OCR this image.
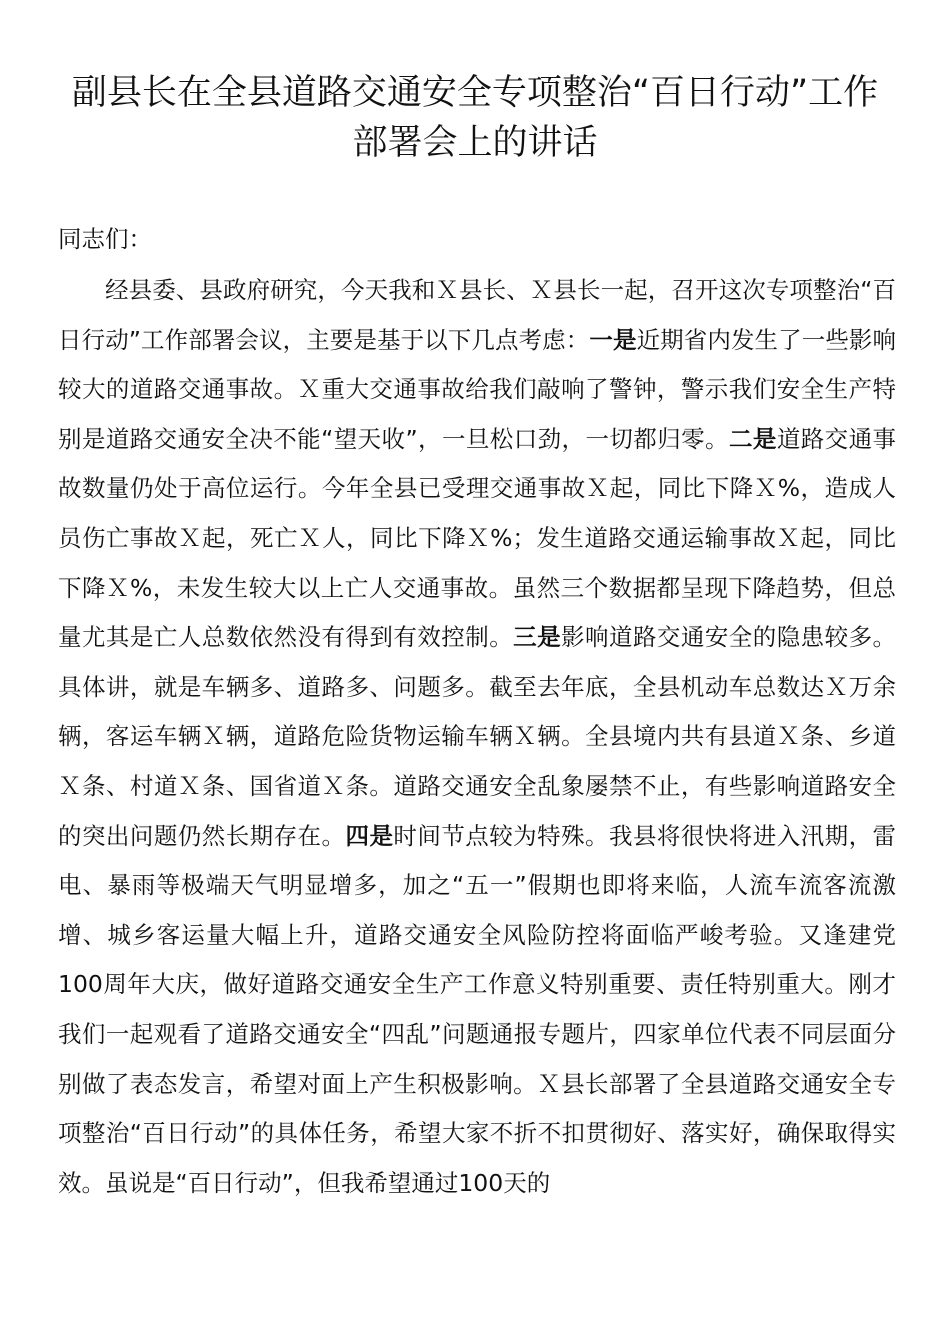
副县长在全县道路交通安全专项整治“百日行动”工作部署会上的讲话
同志们：

经县委、县政府研究，今天我和Ｘ县长、Ｘ县长一起，召开这次专项整治“百日行动”工作部署会议，主要是基于以下几点考虑：一是近期省内发生了一些影响较大的道路交通事故。Ｘ重大交通事故给我们敲响了警钟，警示我们安全生产特别是道路交通安全决不能“望天收”，一旦松口劲，一切都归零。二是道路交通事故数量仍处于高位运行。今年全县已受理交通事故Ｘ起，同比下降Ｘ%，造成人员伤亡事故Ｘ起，死亡Ｘ人，同比下降Ｘ%；发生道路交通运输事故Ｘ起，同比下降Ｘ%，未发生较大以上亡人交通事故。虽然三个数据都呈现下降趋势，但总量尤其是亡人总数依然没有得到有效控制。三是影响道路交通安全的隐患较多。具体讲，就是车辆多、道路多、问题多。截至去年底，全县机动车总数达Ｘ万余辆，客运车辆Ｘ辆，道路危险货物运输车辆Ｘ辆。全县境内共有县道Ｘ条、乡道Ｘ条、村道Ｘ条、国省道Ｘ条。道路交通安全乱象屡禁不止，有些影响道路安全的突出问题仍然长期存在。四是时间节点较为特殊。我县将很快将进入汛期，雷电、暴雨等极端天气明显增多，加之“五一”假期也即将来临，人流车流客流激增、城乡客运量大幅上升，道路交通安全风险防控将面临严峻考验。又逢建党100周年大庆，做好道路交通安全生产工作意义特别重要、责任特别重大。刚才我们一起观看了道路交通安全“四乱”问题通报专题片，四家单位代表不同层面分别做了表态发言，希望对面上产生积极影响。Ｘ县长部署了全县道路交通安全专项整治“百日行动”的具体任务，希望大家不折不扣贯彻好、落实好，确保取得实效。虽说是“百日行动”，但我希望通过100天的
